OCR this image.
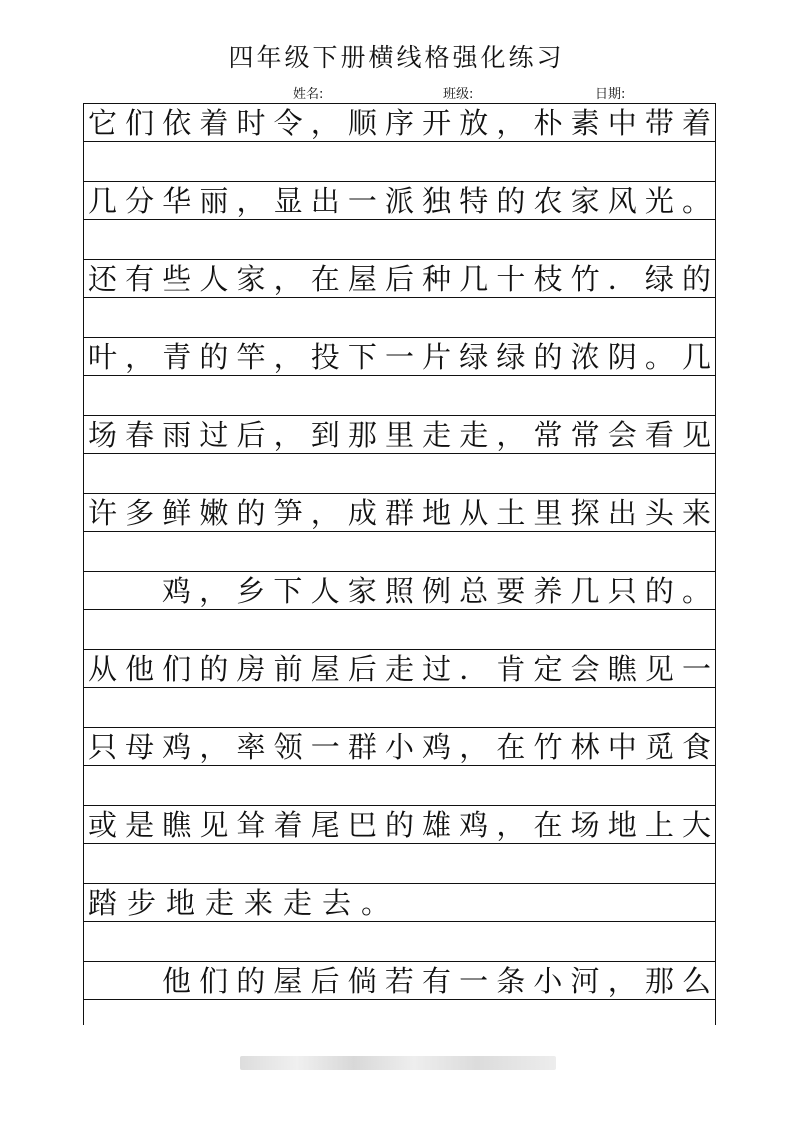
四年级下册横线格强化练习
姓名:	班级:	日期:
它们依着时令，顺序开放，朴素中带着
几分华丽，显出一派独特的农家风光。
还有些人家，在屋后种几十枝竹．绿的
叶，青的竿，投下一片绿绿的浓阴。几
场春雨过后，到那里走走，常常会看见
许多鲜嫩的笋，成群地从土里探出头来
鸡，乡下人家照例总要养几只的。
从他们的房前屋后走过．肯定会瞧见一
只母鸡，率领一群小鸡，在竹林中觅食
或是瞧见耸着尾巴的雄鸡，在场地上大
踏步地走来走去。
他们的屋后倘若有一条小河，那么
